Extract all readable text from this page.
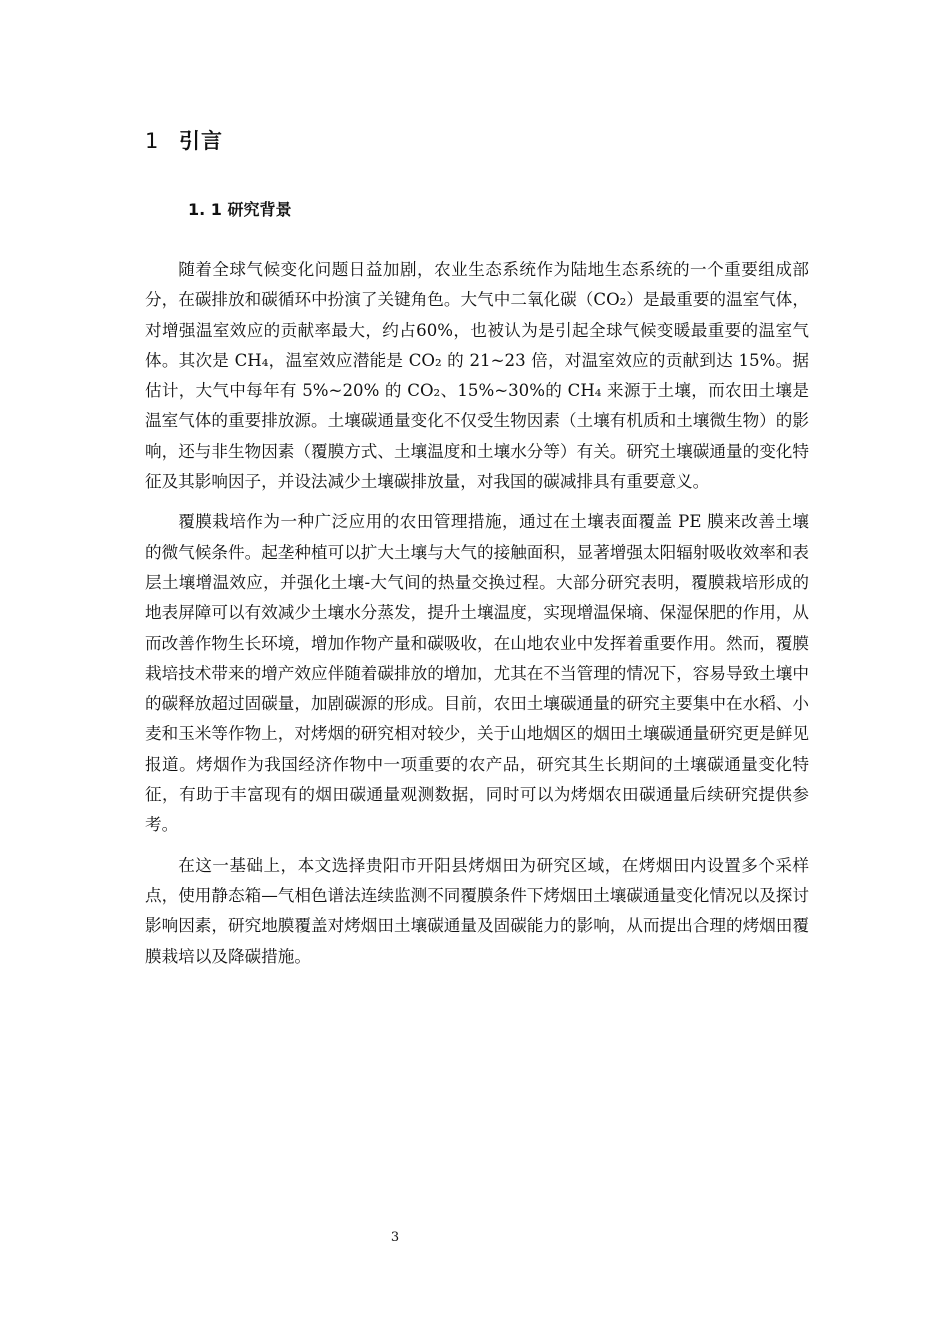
1 引言
1. 1 研究背景

随着全球气候变化问题日益加剧，农业生态系统作为陆地生态系统的一个重要组成部分，在碳排放和碳循环中扮演了关键角色。大气中二氧化碳（CO₂）是最重要的温室气体，对增强温室效应的贡献率最大，约占60%，也被认为是引起全球气候变暖最重要的温室气体。其次是 CH₄，温室效应潜能是 CO₂ 的 21~23 倍，对温室效应的贡献到达 15%。据估计，大气中每年有 5%~20% 的 CO₂、15%~30%的 CH₄ 来源于土壤，而农田土壤是温室气体的重要排放源。土壤碳通量变化不仅受生物因素（土壤有机质和土壤微生物）的影响，还与非生物因素（覆膜方式、土壤温度和土壤水分等）有关。研究土壤碳通量的变化特征及其影响因子，并设法减少土壤碳排放量，对我国的碳减排具有重要意义。

覆膜栽培作为一种广泛应用的农田管理措施，通过在土壤表面覆盖 PE 膜来改善土壤的微气候条件。起垄种植可以扩大土壤与大气的接触面积，显著增强太阳辐射吸收效率和表层土壤增温效应，并强化土壤-大气间的热量交换过程。大部分研究表明，覆膜栽培形成的地表屏障可以有效减少土壤水分蒸发，提升土壤温度，实现增温保墒、保湿保肥的作用，从而改善作物生长环境，增加作物产量和碳吸收，在山地农业中发挥着重要作用。然而，覆膜栽培技术带来的增产效应伴随着碳排放的增加，尤其在不当管理的情况下，容易导致土壤中的碳释放超过固碳量，加剧碳源的形成。目前，农田土壤碳通量的研究主要集中在水稻、小麦和玉米等作物上，对烤烟的研究相对较少，关于山地烟区的烟田土壤碳通量研究更是鲜见报道。烤烟作为我国经济作物中一项重要的农产品，研究其生长期间的土壤碳通量变化特征，有助于丰富现有的烟田碳通量观测数据，同时可以为烤烟农田碳通量后续研究提供参考。

在这一基础上，本文选择贵阳市开阳县烤烟田为研究区域，在烤烟田内设置多个采样点，使用静态箱—气相色谱法连续监测不同覆膜条件下烤烟田土壤碳通量变化情况以及探讨影响因素，研究地膜覆盖对烤烟田土壤碳通量及固碳能力的影响，从而提出合理的烤烟田覆膜栽培以及降碳措施。

3
